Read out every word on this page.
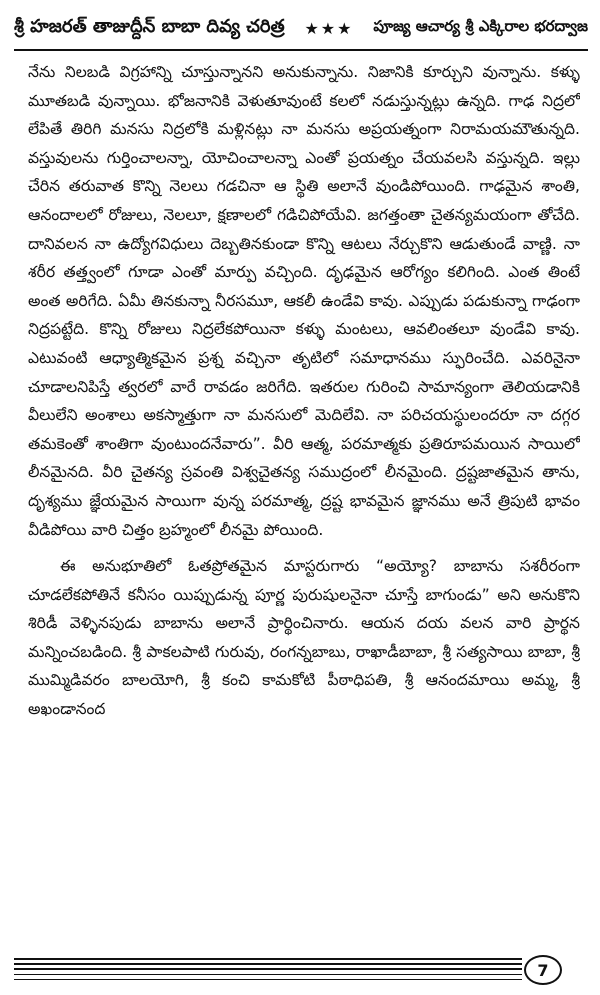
శ్రీ హజరత్ తాజుద్దీన్ బాబా దివ్య చరిత్ర ★★★ పూజ్య ఆచార్య శ్రీ ఎక్కిరాల భరద్వాజ

నేను నిలబడి విగ్రహాన్ని చూస్తున్నానని అనుకున్నాను. నిజానికి కూర్చుని వున్నాను. కళ్ళు మూతబడి వున్నాయి. భోజనానికి వెళుతూవుంటే కలలో నడుస్తున్నట్లు ఉన్నది. గాఢ నిద్రలో లేపితే తిరిగి మనసు నిద్రలోకి మళ్లినట్లు నా మనసు అప్రయత్నంగా నిరామయమౌతున్నది. వస్తువులను గుర్తించాలన్నా, యోచించాలన్నా ఎంతో ప్రయత్నం చేయవలసి వస్తున్నది. ఇల్లు చేరిన తరువాత కొన్ని నెలలు గడచినా ఆ స్థితి అలానే వుండిపోయింది. గాఢమైన శాంతి, ఆనందాలలో రోజులు, నెలలూ, క్షణాలలో గడిచిపోయేవి. జగత్తంతా చైతన్యమయంగా తోచేది. దానివలన నా ఉద్యోగవిధులు దెబ్బతినకుండా కొన్ని ఆటలు నేర్చుకొని ఆడుతుండే వాణ్ణి. నా శరీర తత్త్వంలో గూడా ఎంతో మార్పు వచ్చింది. దృఢమైన ఆరోగ్యం కలిగింది. ఎంత తింటే అంత అరిగేది. ఏమీ తినకున్నా నీరసమూ, ఆకలీ ఉండేవి కావు. ఎప్పుడు పడుకున్నా గాఢంగా నిద్రపట్టేది. కొన్ని రోజులు నిద్రలేకపోయినా కళ్ళు మంటలు, ఆవలింతలూ వుండేవి కావు. ఎటువంటి ఆధ్యాత్మికమైన ప్రశ్న వచ్చినా తృటిలో సమాధానము స్ఫురించేది. ఎవరినైనా చూడాలనిపిస్తే త్వరలో వారే రావడం జరిగేది. ఇతరుల గురించి సామాన్యంగా తెలియడానికి వీలులేని అంశాలు అకస్మాత్తుగా నా మనసులో మెదిలేవి. నా పరిచయస్థులందరూ నా దగ్గర తమకెంతో శాంతిగా వుంటుందనేవారు”. వీరి ఆత్మ, పరమాత్మకు ప్రతిరూపమయిన సాయిలో లీనమైనది. వీరి చైతన్య స్రవంతి విశ్వచైతన్య సముద్రంలో లీనమైంది. ద్రష్టజాతమైన తాను, దృశ్యము జ్ఞేయమైన సాయిగా వున్న పరమాత్మ, ద్రష్ట భావమైన జ్ఞానము అనే త్రిపుటి భావం వీడిపోయి వారి చిత్తం బ్రహ్మంలో లీనమై పోయింది.

ఈ అనుభూతిలో ఓతప్రోతమైన మాస్టరుగారు “అయ్యో? బాబాను సశరీరంగా చూడలేకపోతినే కనీసం యిప్పుడున్న పూర్ణ పురుషులనైనా చూస్తే బాగుండు” అని అనుకొని శిరిడీ వెళ్ళినపుడు బాబాను అలానే ప్రార్థించినారు. ఆయన దయ వలన వారి ప్రార్థన మన్నించబడింది. శ్రీ పాకలపాటి గురువు, రంగన్నబాబు, రాఖాడీబాబా, శ్రీ సత్యసాయి బాబా, శ్రీ ముమ్మిడివరం బాలయోగి, శ్రీ కంచి కామకోటి పీఠాధిపతి, శ్రీ ఆనందమాయి అమ్మ, శ్రీ అఖండానంద

7
